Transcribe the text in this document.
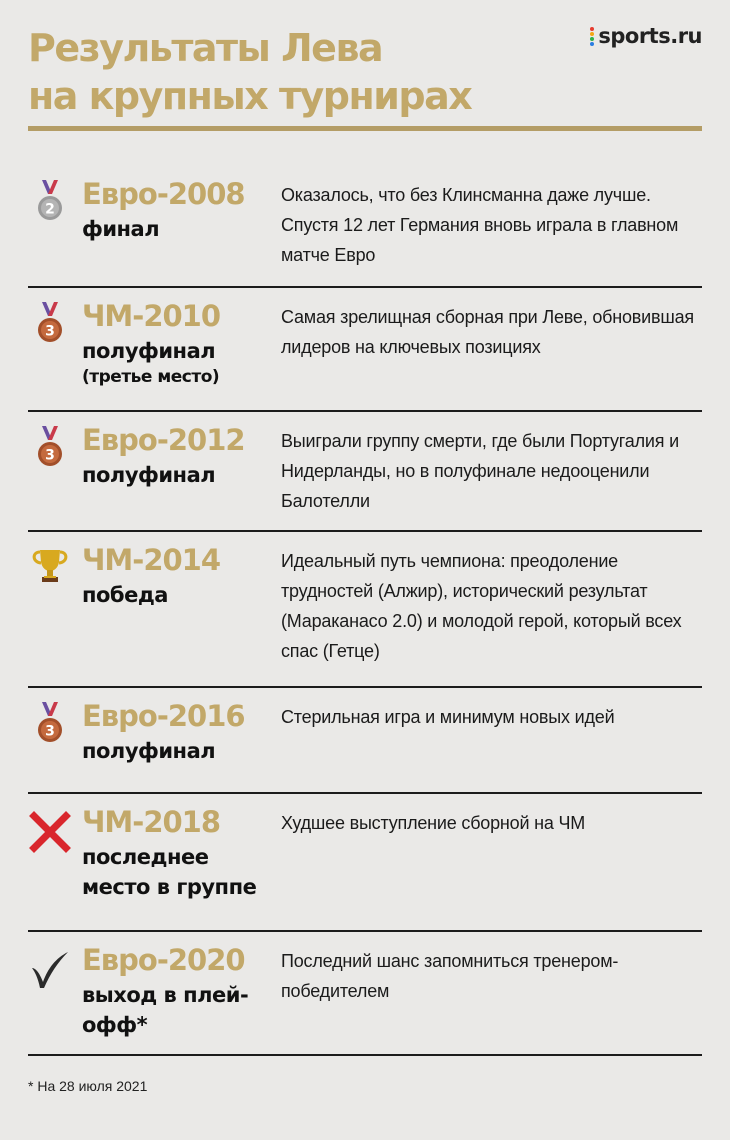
Результаты Лева
на крупных турнирах
sports.ru
2 Евро-2008
финал
Оказалось, что без Клинсманна даже лучше. Спустя 12 лет Германия вновь играла в главном матче Евро
3 ЧМ-2010
полуфинал
(третье место)
Самая зрелищная сборная при Леве, обновившая лидеров на ключевых позициях
3 Евро-2012
полуфинал
Выиграли группу смерти, где были Португалия и Нидерланды, но в полуфинале недооценили Балотелли
ЧМ-2014
победа
Идеальный путь чемпиона: преодоление трудностей (Алжир), исторический результат (Мараканасо 2.0) и молодой герой, который всех спас (Гетце)
3 Евро-2016
полуфинал
Стерильная игра и минимум новых идей
ЧМ-2018
последнее место в группе
Худшее выступление сборной на ЧМ
Евро-2020
выход в плей-офф*
Последний шанс запомниться тренером-победителем
* На 28 июля 2021
